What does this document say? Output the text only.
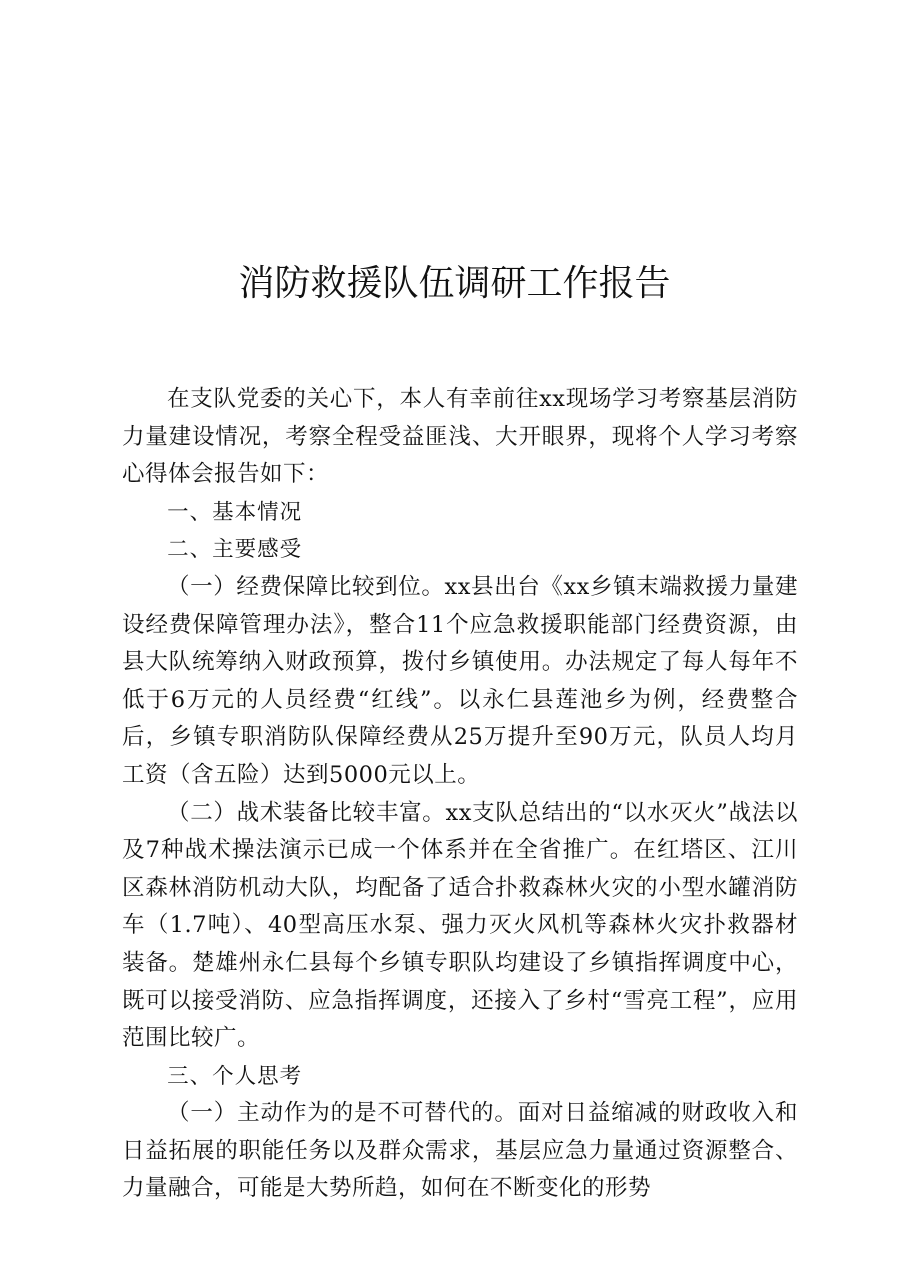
消防救援队伍调研工作报告

在支队党委的关心下，本人有幸前往xx现场学习考察基层消防力量建设情况，考察全程受益匪浅、大开眼界，现将个人学习考察心得体会报告如下：

一、基本情况

二、主要感受

（一）经费保障比较到位。xx县出台《xx乡镇末端救援力量建设经费保障管理办法》，整合11个应急救援职能部门经费资源，由县大队统筹纳入财政预算，拨付乡镇使用。办法规定了每人每年不低于6万元的人员经费“红线”。以永仁县莲池乡为例，经费整合后，乡镇专职消防队保障经费从25万提升至90万元，队员人均月工资（含五险）达到5000元以上。

（二）战术装备比较丰富。xx支队总结出的“以水灭火”战法以及7种战术操法演示已成一个体系并在全省推广。在红塔区、江川区森林消防机动大队，均配备了适合扑救森林火灾的小型水罐消防车（1.7吨）、40型高压水泵、强力灭火风机等森林火灾扑救器材装备。楚雄州永仁县每个乡镇专职队均建设了乡镇指挥调度中心，既可以接受消防、应急指挥调度，还接入了乡村“雪亮工程”，应用范围比较广。

三、个人思考

（一）主动作为的是不可替代的。面对日益缩减的财政收入和日益拓展的职能任务以及群众需求，基层应急力量通过资源整合、力量融合，可能是大势所趋，如何在不断变化的形势
